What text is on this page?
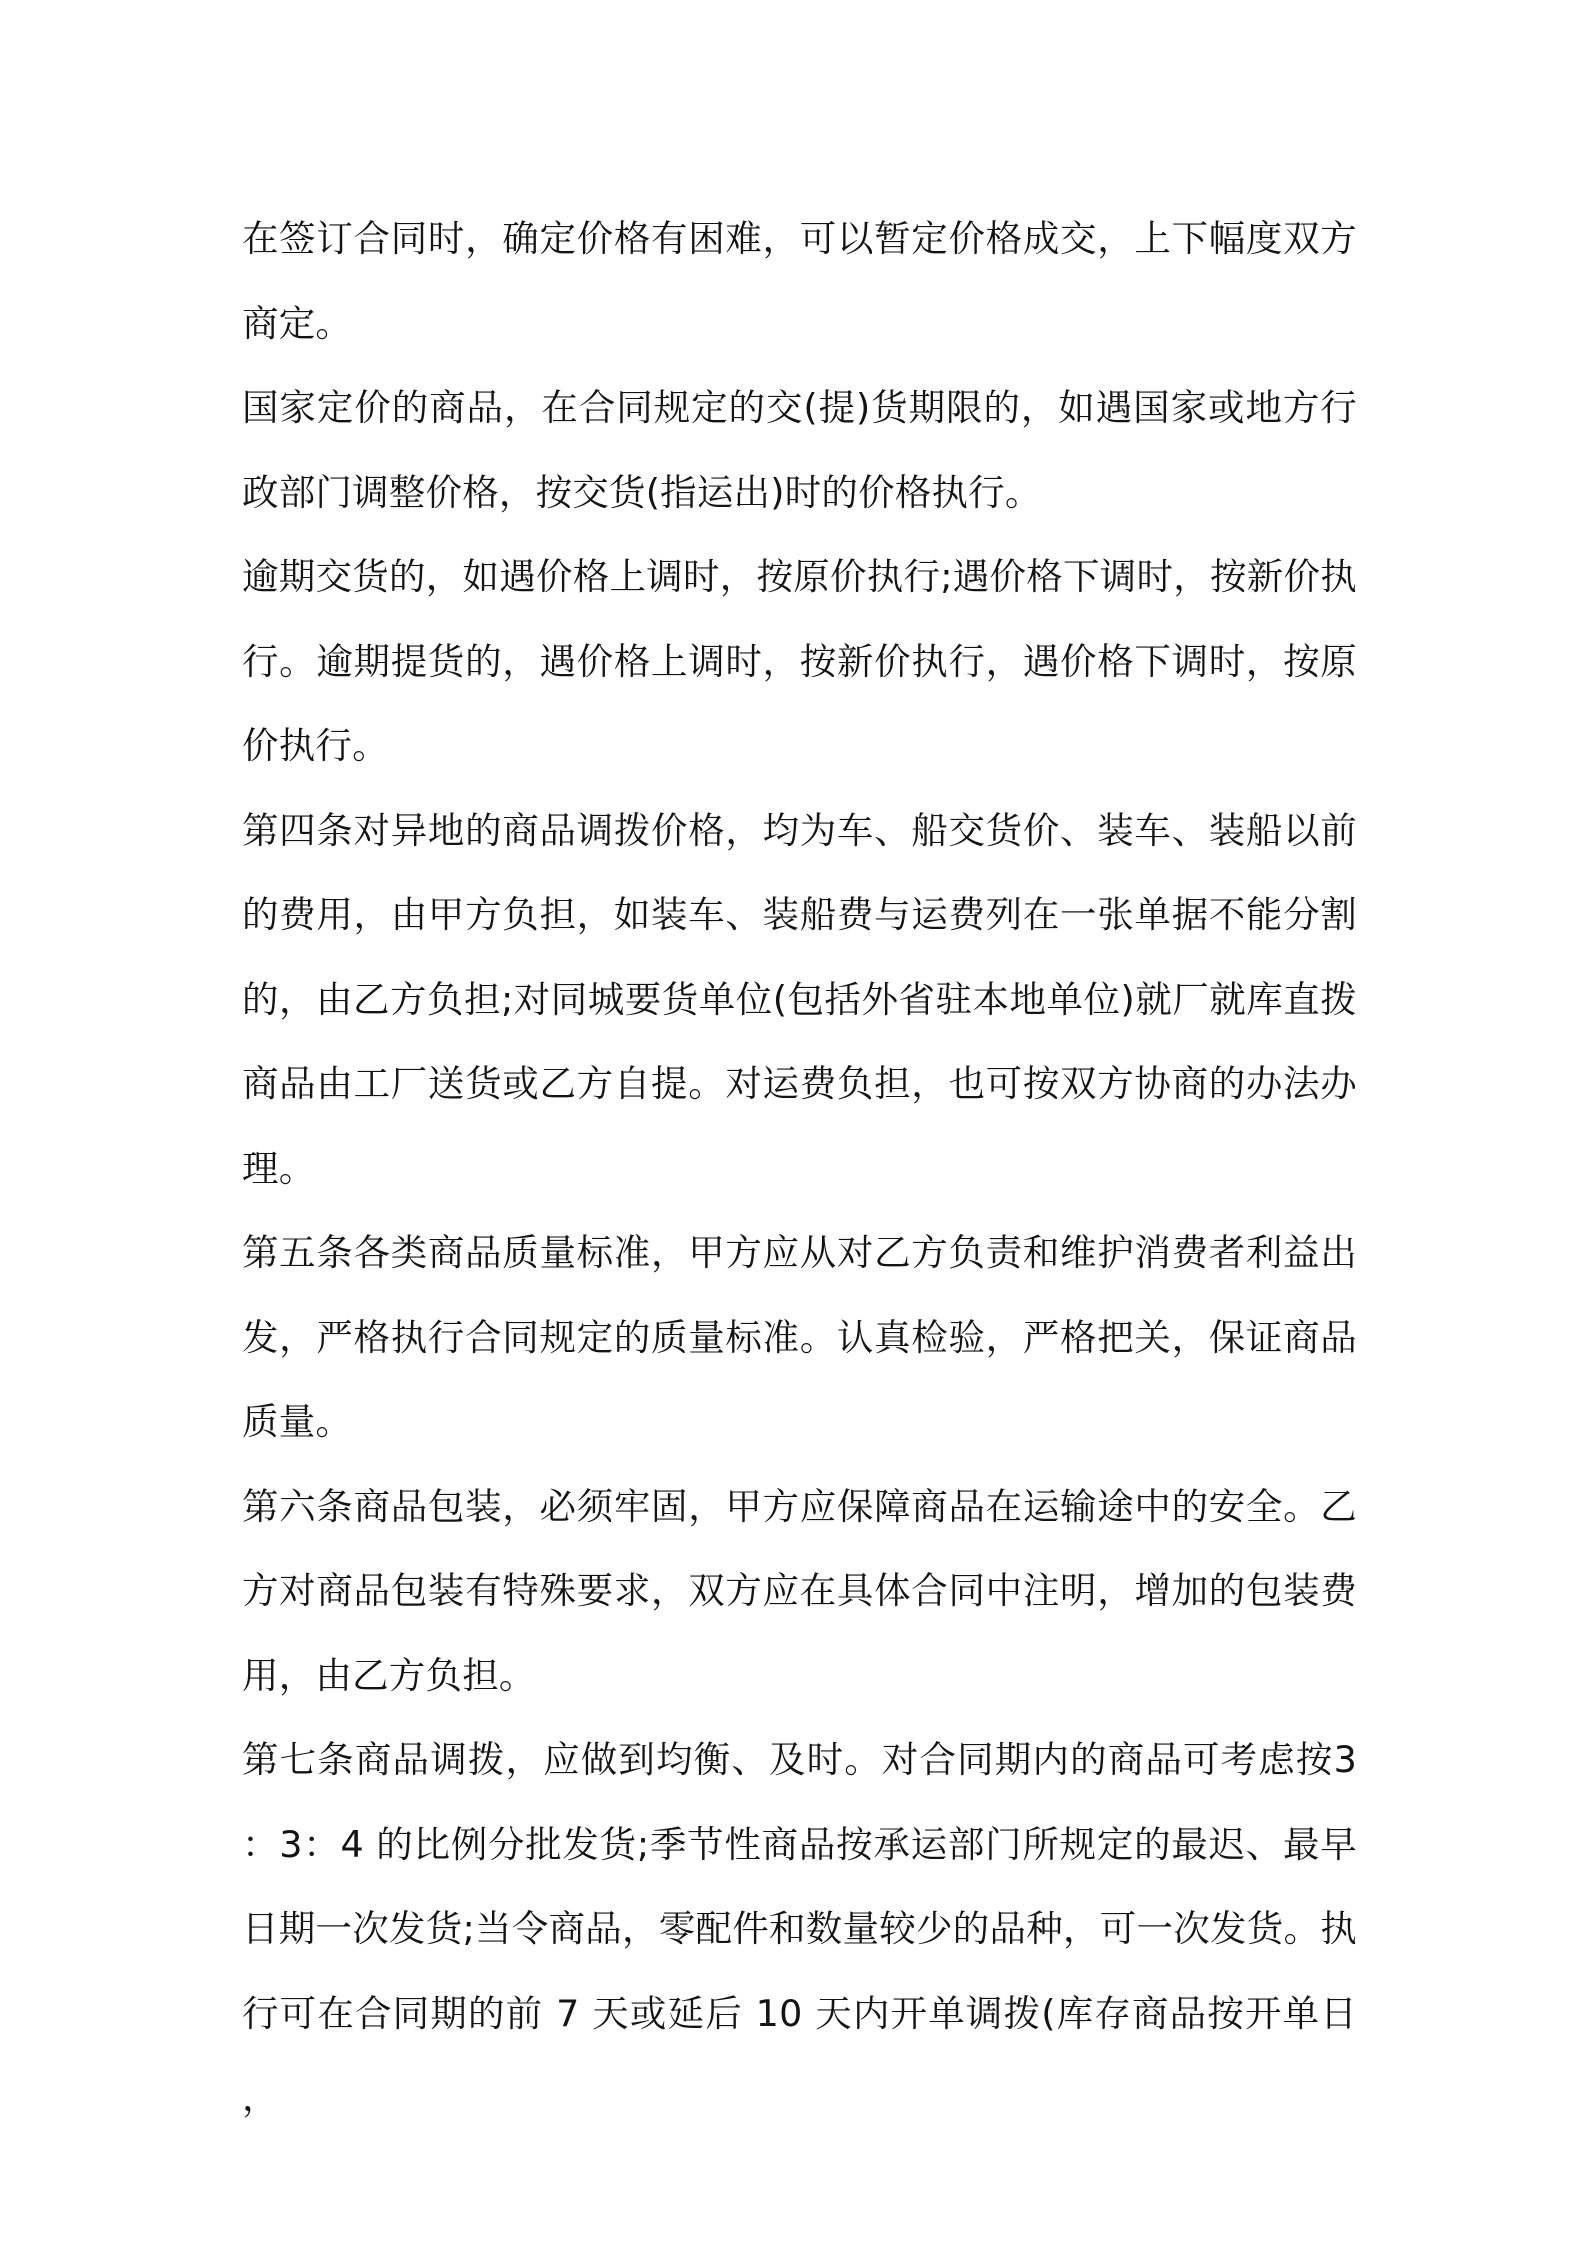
在签订合同时，确定价格有困难，可以暂定价格成交，上下幅度双方商定。

国家定价的商品，在合同规定的交(提)货期限的，如遇国家或地方行政部门调整价格，按交货(指运出)时的价格执行。

逾期交货的，如遇价格上调时，按原价执行;遇价格下调时，按新价执行。逾期提货的，遇价格上调时，按新价执行，遇价格下调时，按原价执行。

第四条对异地的商品调拨价格，均为车、船交货价、装车、装船以前的费用，由甲方负担，如装车、装船费与运费列在一张单据不能分割的，由乙方负担;对同城要货单位(包括外省驻本地单位)就厂就库直拨商品由工厂送货或乙方自提。对运费负担，也可按双方协商的办法办理。

第五条各类商品质量标准，甲方应从对乙方负责和维护消费者利益出发，严格执行合同规定的质量标准。认真检验，严格把关，保证商品质量。

第六条商品包装，必须牢固，甲方应保障商品在运输途中的安全。乙方对商品包装有特殊要求，双方应在具体合同中注明，增加的包装费用，由乙方负担。

第七条商品调拨，应做到均衡、及时。对合同期内的商品可考虑按3：3：4 的比例分批发货;季节性商品按承运部门所规定的最迟、最早日期一次发货;当令商品，零配件和数量较少的品种，可一次发货。执行可在合同期的前 7 天或延后 10 天内开单调拨(库存商品按开单日，
